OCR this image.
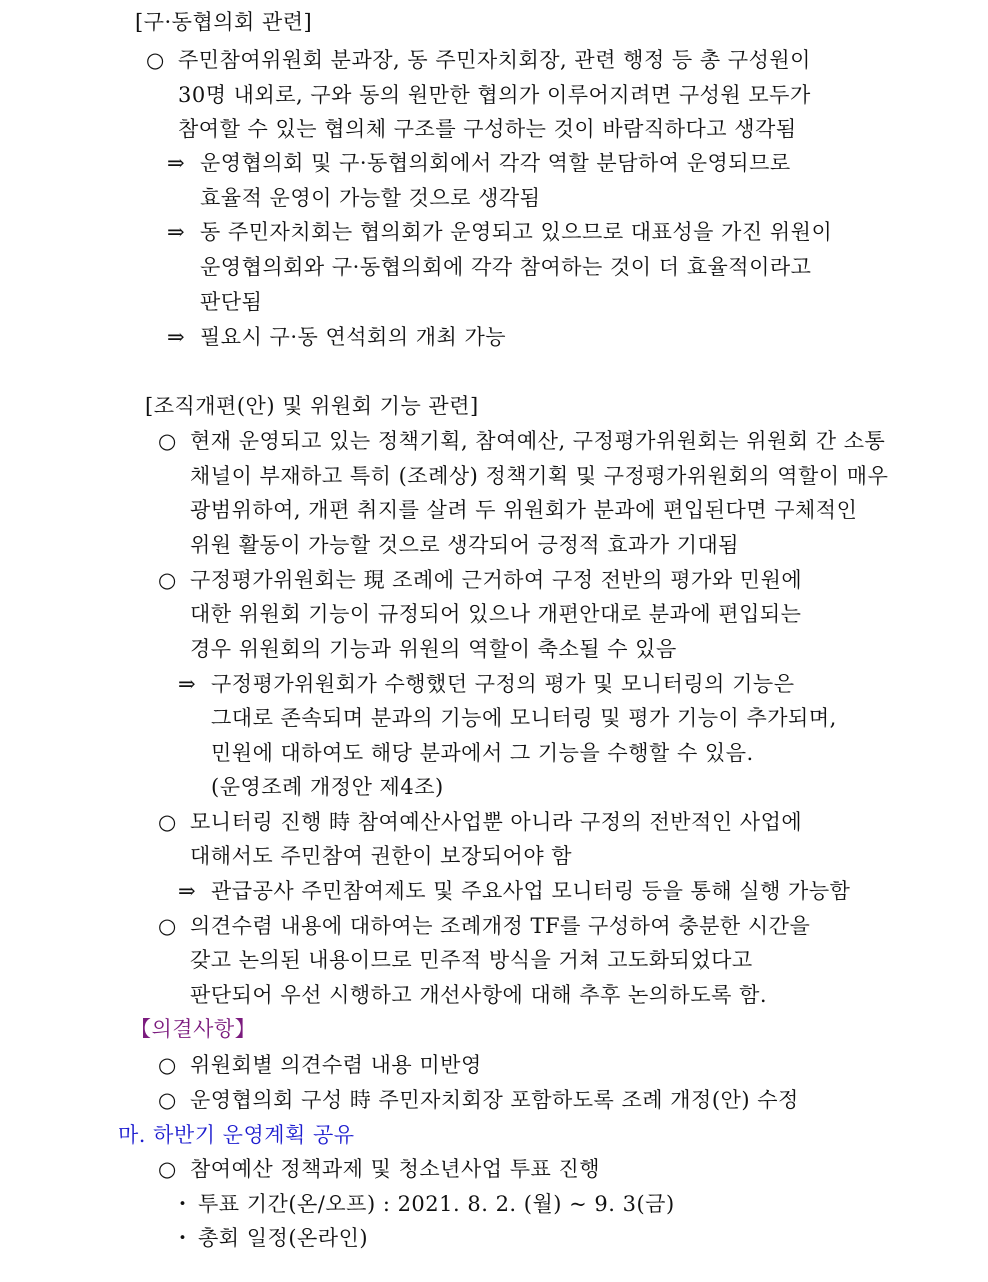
[구·동협의회 관련]
○ 주민참여위원회 분과장, 동 주민자치회장, 관련 행정 등 총 구성원이
30명 내외로, 구와 동의 원만한 협의가 이루어지려면 구성원 모두가
참여할 수 있는 협의체 구조를 구성하는 것이 바람직하다고 생각됨
⇒ 운영협의회 및 구·동협의회에서 각각 역할 분담하여 운영되므로
효율적 운영이 가능할 것으로 생각됨
⇒ 동 주민자치회는 협의회가 운영되고 있으므로 대표성을 가진 위원이
운영협의회와 구·동협의회에 각각 참여하는 것이 더 효율적이라고
판단됨
⇒ 필요시 구·동 연석회의 개최 가능
[조직개편(안) 및 위원회 기능 관련]
○ 현재 운영되고 있는 정책기획, 참여예산, 구정평가위원회는 위원회 간 소통
채널이 부재하고 특히 (조례상) 정책기획 및 구정평가위원회의 역할이 매우
광범위하여, 개편 취지를 살려 두 위원회가 분과에 편입된다면 구체적인
위원 활동이 가능할 것으로 생각되어 긍정적 효과가 기대됨
○ 구정평가위원회는 現 조례에 근거하여 구정 전반의 평가와 민원에
대한 위원회 기능이 규정되어 있으나 개편안대로 분과에 편입되는
경우 위원회의 기능과 위원의 역할이 축소될 수 있음
⇒ 구정평가위원회가 수행했던 구정의 평가 및 모니터링의 기능은
그대로 존속되며 분과의 기능에 모니터링 및 평가 기능이 추가되며,
민원에 대하여도 해당 분과에서 그 기능을 수행할 수 있음.
(운영조례 개정안 제4조)
○ 모니터링 진행 時 참여예산사업뿐 아니라 구정의 전반적인 사업에
대해서도 주민참여 권한이 보장되어야 함
⇒ 관급공사 주민참여제도 및 주요사업 모니터링 등을 통해 실행 가능함
○ 의견수렴 내용에 대하여는 조례개정 TF를 구성하여 충분한 시간을
갖고 논의된 내용이므로 민주적 방식을 거쳐 고도화되었다고
판단되어 우선 시행하고 개선사항에 대해 추후 논의하도록 함.
【의결사항】
○ 위원회별 의견수렴 내용 미반영
○ 운영협의회 구성 時 주민자치회장 포함하도록 조례 개정(안) 수정
마. 하반기 운영계획 공유
○ 참여예산 정책과제 및 청소년사업 투표 진행
・ 투표 기간(온/오프) : 2021. 8. 2. (월) ~ 9. 3(금)
・ 총회 일정(온라인)
